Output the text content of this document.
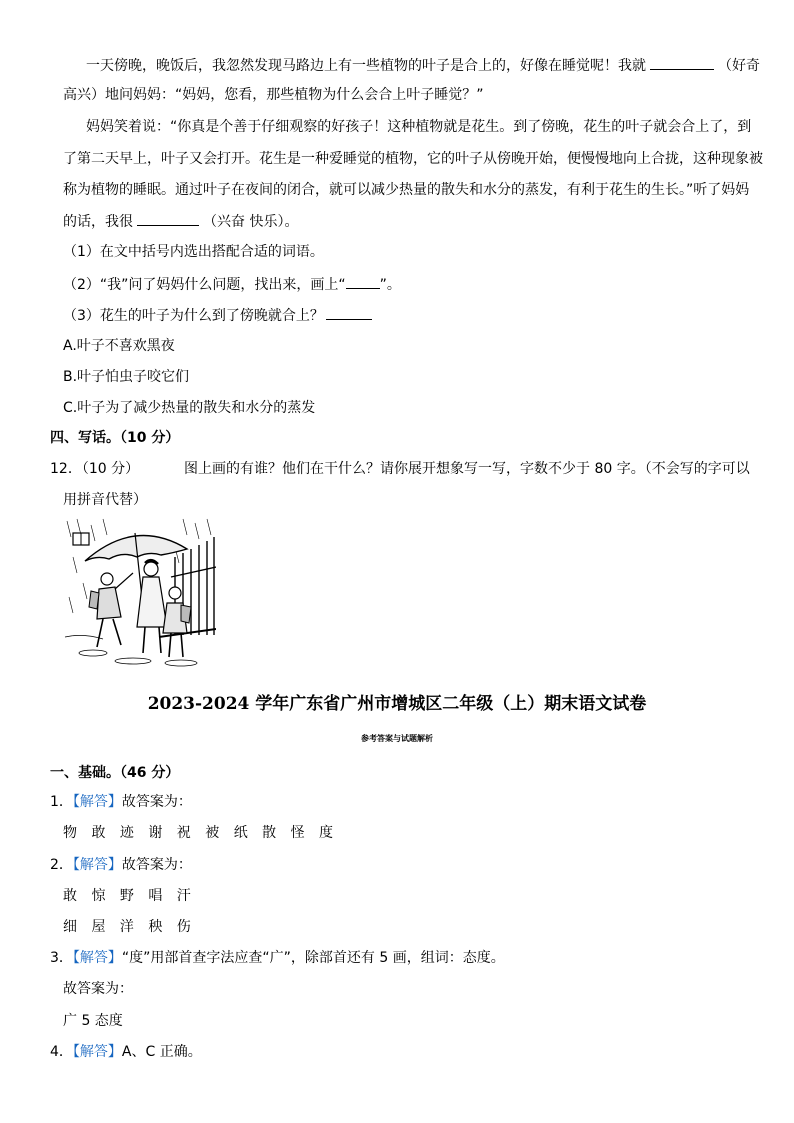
一天傍晚，晚饭后，我忽然发现马路边上有一些植物的叶子是合上的，好像在睡觉呢！我就	（好奇
高兴）地问妈妈：“妈妈，您看，那些植物为什么会合上叶子睡觉？”
妈妈笑着说：“你真是个善于仔细观察的好孩子！这种植物就是花生。到了傍晚，花生的叶子就会合上了，到
了第二天早上，叶子又会打开。花生是一种爱睡觉的植物，它的叶子从傍晚开始，便慢慢地向上合拢，这种现象被
称为植物的睡眠。通过叶子在夜间的闭合，就可以减少热量的散失和水分的蒸发，有利于花生的生长。”听了妈妈
的话，我很	（兴奋 快乐）。
（1）在文中括号内选出搭配合适的词语。
（2）“我”问了妈妈什么问题，找出来，画上“ ”。
（3）花生的叶子为什么到了傍晚就合上？
A.叶子不喜欢黑夜
B.叶子怕虫子咬它们
C.叶子为了减少热量的散失和水分的蒸发
四、写话。（10 分）
12．（10 分）	图上画的有谁？他们在干什么？请你展开想象写一写，字数不少于 80 字。（不会写的字可以
用拼音代替）
2023-2024 学年广东省广州市增城区二年级（上）期末语文试卷
参考答案与试题解析
一、基础。（46 分）
1．【解答】故答案为：
物 敢 迹 谢 祝 被 纸 散 怪 度
2．【解答】故答案为：
敢 惊 野 唱 汗
细 屋 洋 秧 伤
3．【解答】“度”用部首查字法应查“广”，除部首还有 5 画，组词：态度。
故答案为：
广 5 态度
4．【解答】A、C 正确。
